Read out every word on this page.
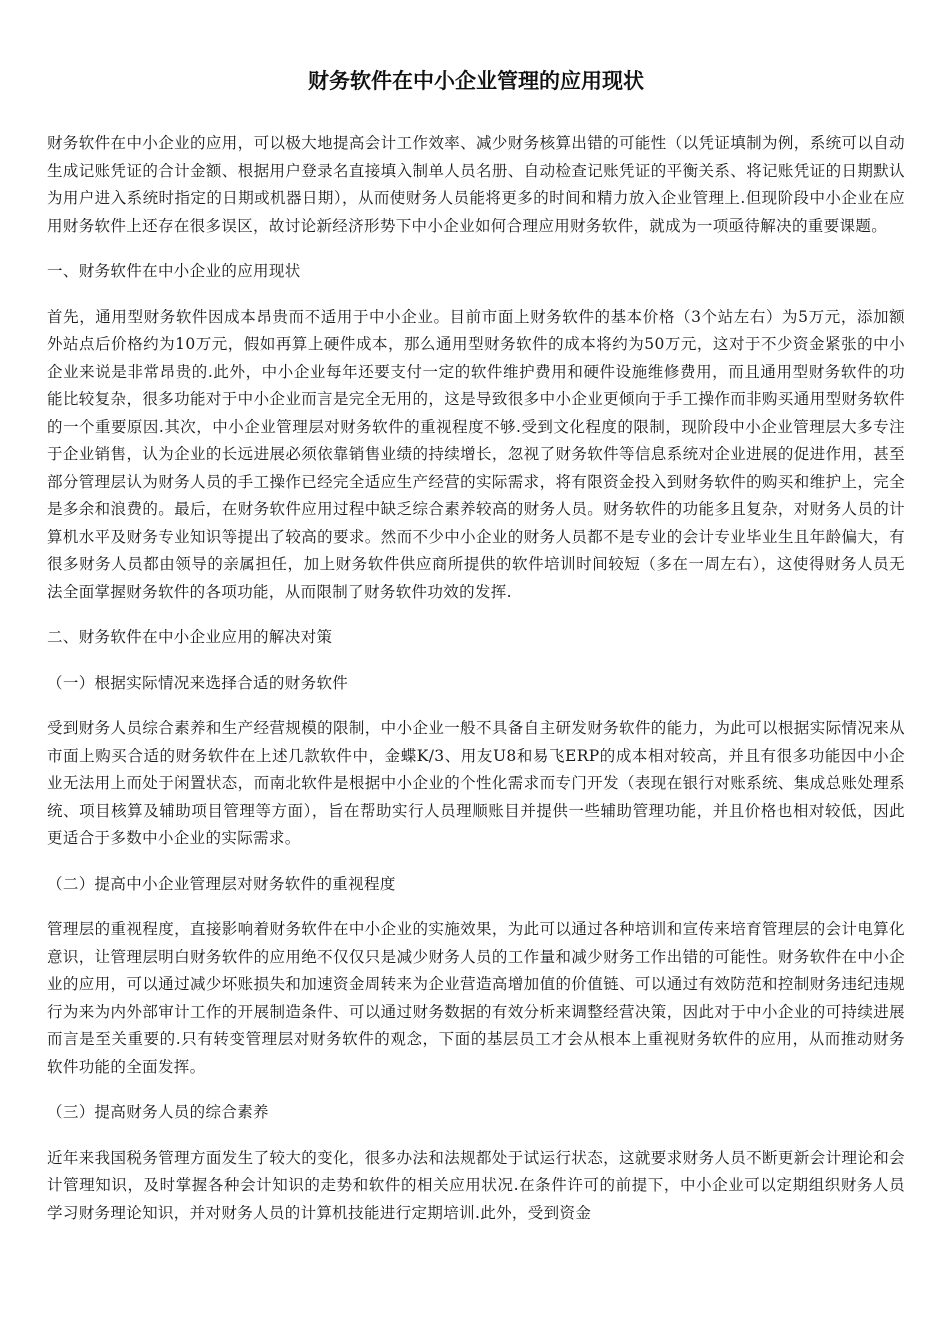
财务软件在中小企业管理的应用现状

财务软件在中小企业的应用，可以极大地提高会计工作效率、减少财务核算出错的可能性（以凭证填制为例，系统可以自动生成记账凭证的合计金额、根据用户登录名直接填入制单人员名册、自动检查记账凭证的平衡关系、将记账凭证的日期默认为用户进入系统时指定的日期或机器日期），从而使财务人员能将更多的时间和精力放入企业管理上.但现阶段中小企业在应用财务软件上还存在很多误区，故讨论新经济形势下中小企业如何合理应用财务软件，就成为一项亟待解决的重要课题。

一、财务软件在中小企业的应用现状

首先，通用型财务软件因成本昂贵而不适用于中小企业。目前市面上财务软件的基本价格（3个站左右）为5万元，添加额外站点后价格约为10万元，假如再算上硬件成本，那么通用型财务软件的成本将约为50万元，这对于不少资金紧张的中小企业来说是非常昂贵的.此外，中小企业每年还要支付一定的软件维护费用和硬件设施维修费用，而且通用型财务软件的功能比较复杂，很多功能对于中小企业而言是完全无用的，这是导致很多中小企业更倾向于手工操作而非购买通用型财务软件的一个重要原因.其次，中小企业管理层对财务软件的重视程度不够.受到文化程度的限制，现阶段中小企业管理层大多专注于企业销售，认为企业的长远进展必须依靠销售业绩的持续增长，忽视了财务软件等信息系统对企业进展的促进作用，甚至部分管理层认为财务人员的手工操作已经完全适应生产经营的实际需求，将有限资金投入到财务软件的购买和维护上，完全是多余和浪费的。最后，在财务软件应用过程中缺乏综合素养较高的财务人员。财务软件的功能多且复杂，对财务人员的计算机水平及财务专业知识等提出了较高的要求。然而不少中小企业的财务人员都不是专业的会计专业毕业生且年龄偏大，有很多财务人员都由领导的亲属担任，加上财务软件供应商所提供的软件培训时间较短（多在一周左右），这使得财务人员无法全面掌握财务软件的各项功能，从而限制了财务软件功效的发挥.

二、财务软件在中小企业应用的解决对策

（一）根据实际情况来选择合适的财务软件

受到财务人员综合素养和生产经营规模的限制，中小企业一般不具备自主研发财务软件的能力，为此可以根据实际情况来从市面上购买合适的财务软件在上述几款软件中，金蝶K/3、用友U8和易飞ERP的成本相对较高，并且有很多功能因中小企业无法用上而处于闲置状态，而南北软件是根据中小企业的个性化需求而专门开发（表现在银行对账系统、集成总账处理系统、项目核算及辅助项目管理等方面），旨在帮助实行人员理顺账目并提供一些辅助管理功能，并且价格也相对较低，因此更适合于多数中小企业的实际需求。

（二）提高中小企业管理层对财务软件的重视程度

管理层的重视程度，直接影响着财务软件在中小企业的实施效果，为此可以通过各种培训和宣传来培育管理层的会计电算化意识，让管理层明白财务软件的应用绝不仅仅只是减少财务人员的工作量和减少财务工作出错的可能性。财务软件在中小企业的应用，可以通过减少坏账损失和加速资金周转来为企业营造高增加值的价值链、可以通过有效防范和控制财务违纪违规行为来为内外部审计工作的开展制造条件、可以通过财务数据的有效分析来调整经营决策，因此对于中小企业的可持续进展而言是至关重要的.只有转变管理层对财务软件的观念，下面的基层员工才会从根本上重视财务软件的应用，从而推动财务软件功能的全面发挥。

（三）提高财务人员的综合素养

近年来我国税务管理方面发生了较大的变化，很多办法和法规都处于试运行状态，这就要求财务人员不断更新会计理论和会计管理知识，及时掌握各种会计知识的走势和软件的相关应用状况.在条件许可的前提下，中小企业可以定期组织财务人员学习财务理论知识，并对财务人员的计算机技能进行定期培训.此外，受到资金
